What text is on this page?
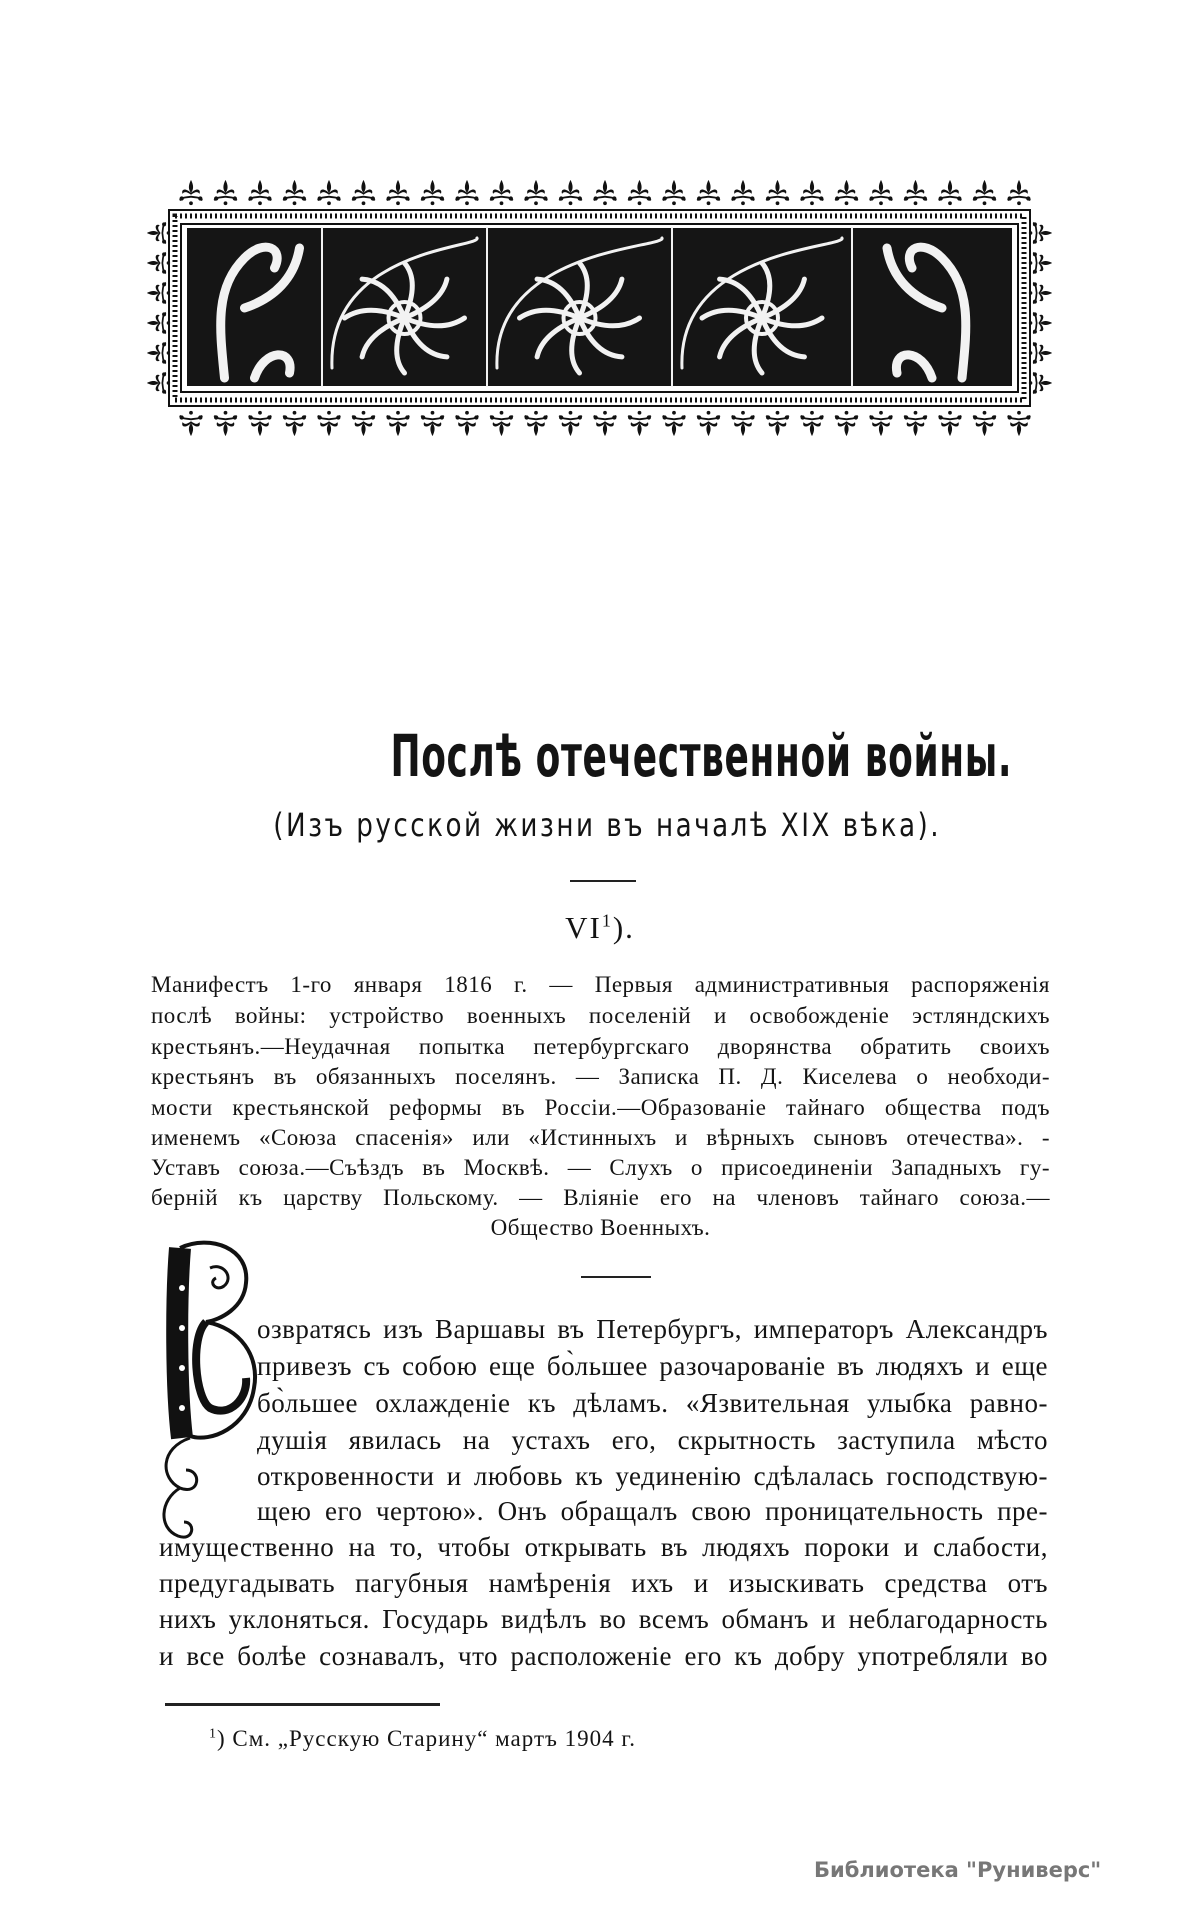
Послѣ отечественной войны.
(Изъ русской жизни въ началѣ XIX вѣка).
$VI^1$).
Манифестъ 1-го января 1816 г. — Первыя административныя распоряженія
послѣ войны: устройство военныхъ поселеній и освобожденіе эстляндскихъ
крестьянъ.—Неудачная попытка петербургскаго дворянства обратить своихъ
крестьянъ въ обязанныхъ поселянъ. — Записка П. Д. Киселева о необходи-
мости крестьянской реформы въ Россіи.—Образованіе тайнаго общества подъ
именемъ «Союза спасенія» или «Истинныхъ и вѣрныхъ сыновъ отечества». -
Уставъ союза.—Съѣздъ въ Москвѣ. — Слухъ о присоединеніи Западныхъ гу-
берній къ царству Польскому. — Вліяніе его на членовъ тайнаго союза.—
Общество Военныхъ.
озвратясь изъ Варшавы въ Петербургъ, императоръ Александръ
привезъ съ собою еще бо̀льшее разочарованіе въ людяхъ и еще
бо̀льшее охлажденіе къ дѣламъ. «Язвительная улыбка равно-
душія явилась на устахъ его, скрытность заступила мѣсто
откровенности и любовь къ уединенію сдѣлалась господствую-
щею его чертою». Онъ обращалъ свою проницательность пре-
имущественно на то, чтобы открывать въ людяхъ пороки и слабости,
предугадывать пагубныя намѣренія ихъ и изыскивать средства отъ
нихъ уклоняться. Государь видѣлъ во всемъ обманъ и неблагодарность
и все болѣе сознавалъ, что расположеніе его къ добру употребляли во
$^1$) См. „Русскую Старину“ мартъ 1904 г.
Библиотека "Руниверс"
